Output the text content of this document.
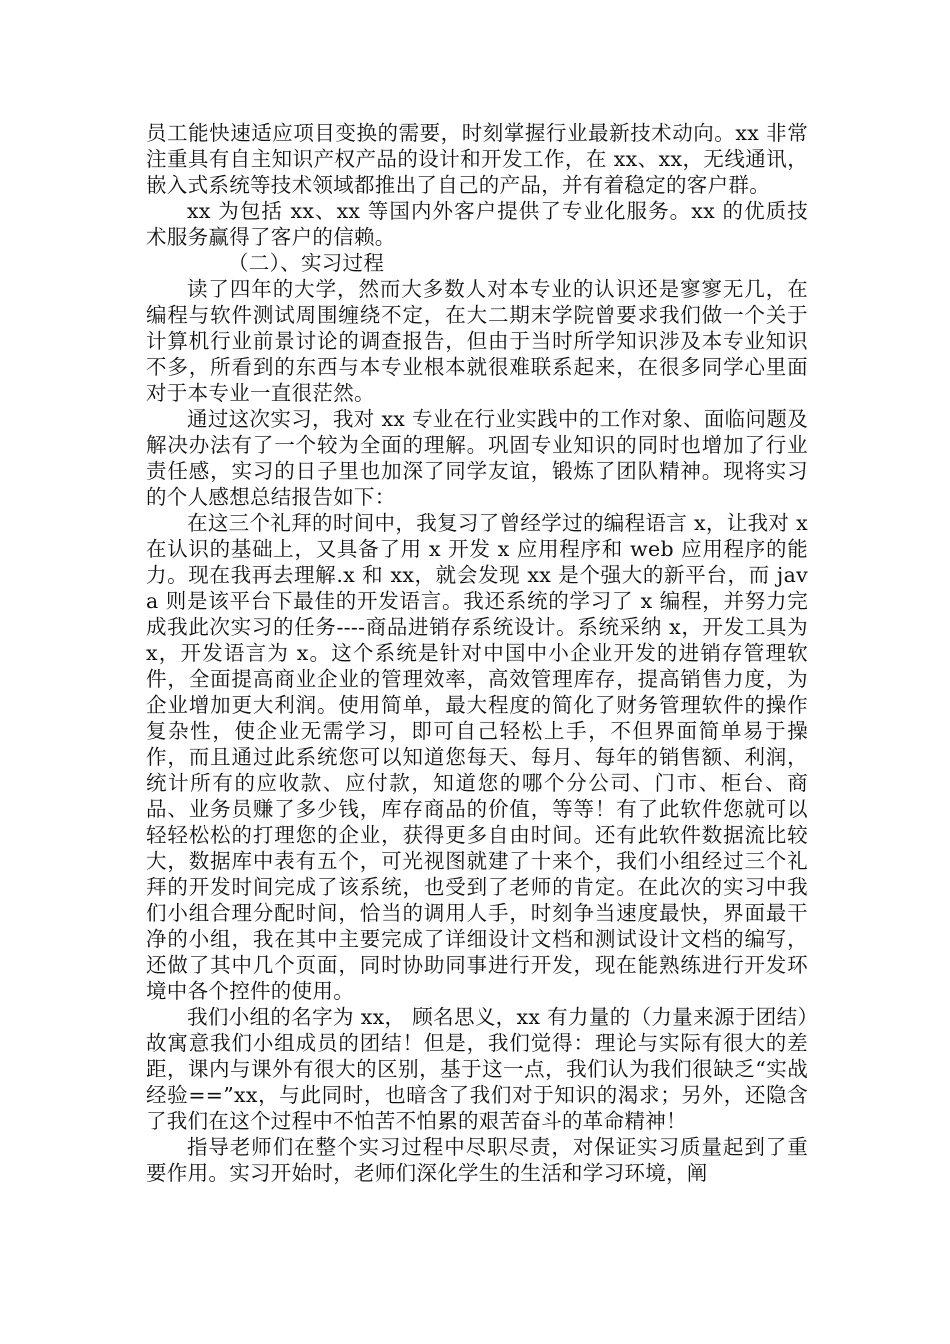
员工能快速适应项目变换的需要，时刻掌握行业最新技术动向。xx 非常注重具有自主知识产权产品的设计和开发工作，在 xx、xx，无线通讯， 嵌入式系统等技术领域都推出了自己的产品，并有着稳定的客户群。

xx 为包括 xx、xx 等国内外客户提供了专业化服务。xx 的优质技术服务赢得了客户的信赖。

（二）、实习过程

读了四年的大学，然而大多数人对本专业的认识还是寥寥无几，在编程与软件测试周围缠绕不定，在大二期末学院曾要求我们做一个关于计算机行业前景讨论的调查报告，但由于当时所学知识涉及本专业知识不多，所看到的东西与本专业根本就很难联系起来，在很多同学心里面对于本专业一直很茫然。

通过这次实习，我对 xx 专业在行业实践中的工作对象、面临问题及解决办法有了一个较为全面的理解。巩固专业知识的同时也增加了行业责任感，实习的日子里也加深了同学友谊，锻炼了团队精神。现将实习的个人感想总结报告如下：

在这三个礼拜的时间中，我复习了曾经学过的编程语言 x，让我对 x 在认识的基础上，又具备了用 x 开发 x 应用程序和 web 应用程序的能力。现在我再去理解.x 和 xx，就会发现 xx 是个强大的新平台，而 java 则是该平台下最佳的开发语言。我还系统的学习了 x 编程，并努力完成我此次实习的任务----商品进销存系统设计。系统采纳 x，开发工具为 x，开发语言为 x。这个系统是针对中国中小企业开发的进销存管理软件，全面提高商业企业的管理效率，高效管理库存，提高销售力度，为企业增加更大利润。使用简单，最大程度的简化了财务管理软件的操作复杂性，使企业无需学习，即可自己轻松上手，不但界面简单易于操作，而且通过此系统您可以知道您每天、每月、每年的销售额、利润，统计所有的应收款、应付款，知道您的哪个分公司、门市、柜台、商品、业务员赚了多少钱，库存商品的价值，等等！有了此软件您就可以轻轻松松的打理您的企业，获得更多自由时间。还有此软件数据流比较大，数据库中表有五个，可光视图就建了十来个，我们小组经过三个礼拜的开发时间完成了该系统，也受到了老师的肯定。在此次的实习中我们小组合理分配时间，恰当的调用人手，时刻争当速度最快，界面最干净的小组，我在其中主要完成了详细设计文档和测试设计文档的编写，还做了其中几个页面，同时协助同事进行开发，现在能熟练进行开发环境中各个控件的使用。

我们小组的名字为 xx， 顾名思义，xx 有力量的（力量来源于团结）故寓意我们小组成员的团结！但是，我们觉得：理论与实际有很大的差距，课内与课外有很大的区别，基于这一点，我们认为我们很缺乏“实战经验==”xx，与此同时，也暗含了我们对于知识的渴求；另外，还隐含了我们在这个过程中不怕苦不怕累的艰苦奋斗的革命精神！

指导老师们在整个实习过程中尽职尽责，对保证实习质量起到了重要作用。实习开始时，老师们深化学生的生活和学习环境，阐
